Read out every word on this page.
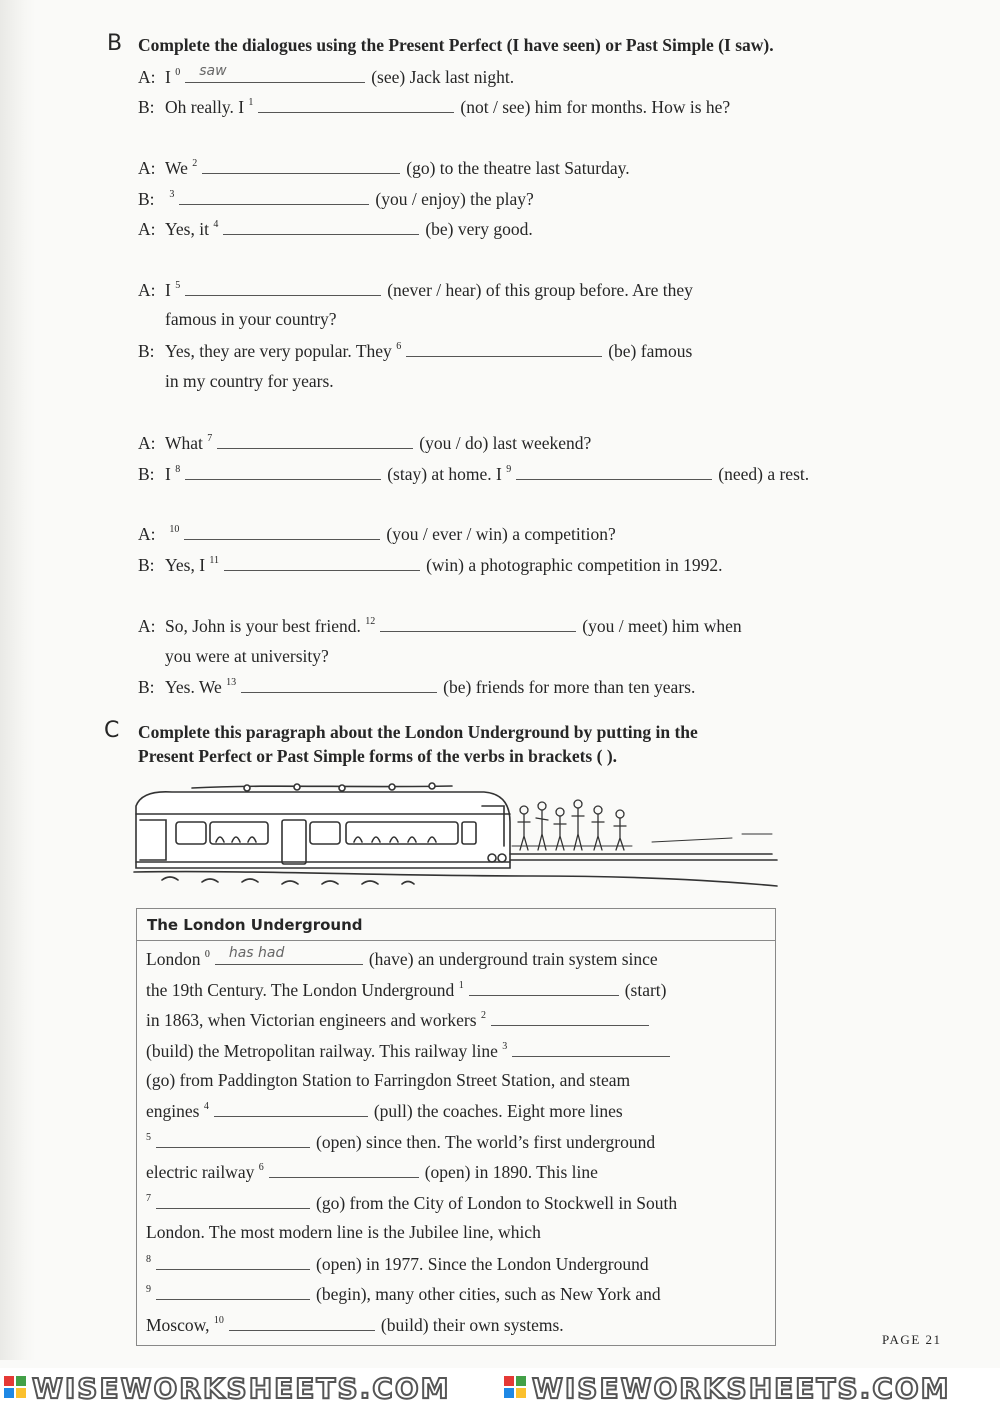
B Complete the dialogues using the Present Perfect (I have seen) or Past Simple (I saw).
A: I $^0$ saw	(see) Jack last night.
B: Oh really. I $^1$	(not / see) him for months. How is he?
A: We $^2$	(go) to the theatre last Saturday.
B: $^3$	(you / enjoy) the play?
A: Yes, it $^4$	(be) very good.
A: I $^5$	(never / hear) of this group before. Are they
famous in your country?
B: Yes, they are very popular. They $^6$	(be) famous
in my country for years.
A: What $^7$	(you / do) last weekend?
B: I $^8$	(stay) at home. I $^9$	(need) a rest.
A: $^{10}$	(you / ever / win) a competition?
B: Yes, I $^{11}$	(win) a photographic competition in 1992.
A: So, John is your best friend. $^{12}$	(you / meet) him when
you were at university?
B: Yes. We $^{13}$	(be) friends for more than ten years.
C Complete this paragraph about the London Underground by putting in the
Present Perfect or Past Simple forms of the verbs in brackets ( ).
The London Underground
London $^0$ has had	(have) an underground train system since
the 19th Century. The London Underground $^1$	(start)
in 1863, when Victorian engineers and workers $^2$
(build) the Metropolitan railway. This railway line $^3$
(go) from Paddington Station to Farringdon Street Station, and steam
engines $^4$	(pull) the coaches. Eight more lines
$^5$	(open) since then. The world’s first underground
electric railway $^6$	(open) in 1890. This line
$^7$	(go) from the City of London to Stockwell in South
London. The most modern line is the Jubilee line, which
$^8$	(open) in 1977. Since the London Underground
$^9$	(begin), many other cities, such as New York and
Moscow, $^{10}$	(build) their own systems.
PAGE 21
WISEWORKSHEETS.COM	WISEWORKSHEETS.COM
